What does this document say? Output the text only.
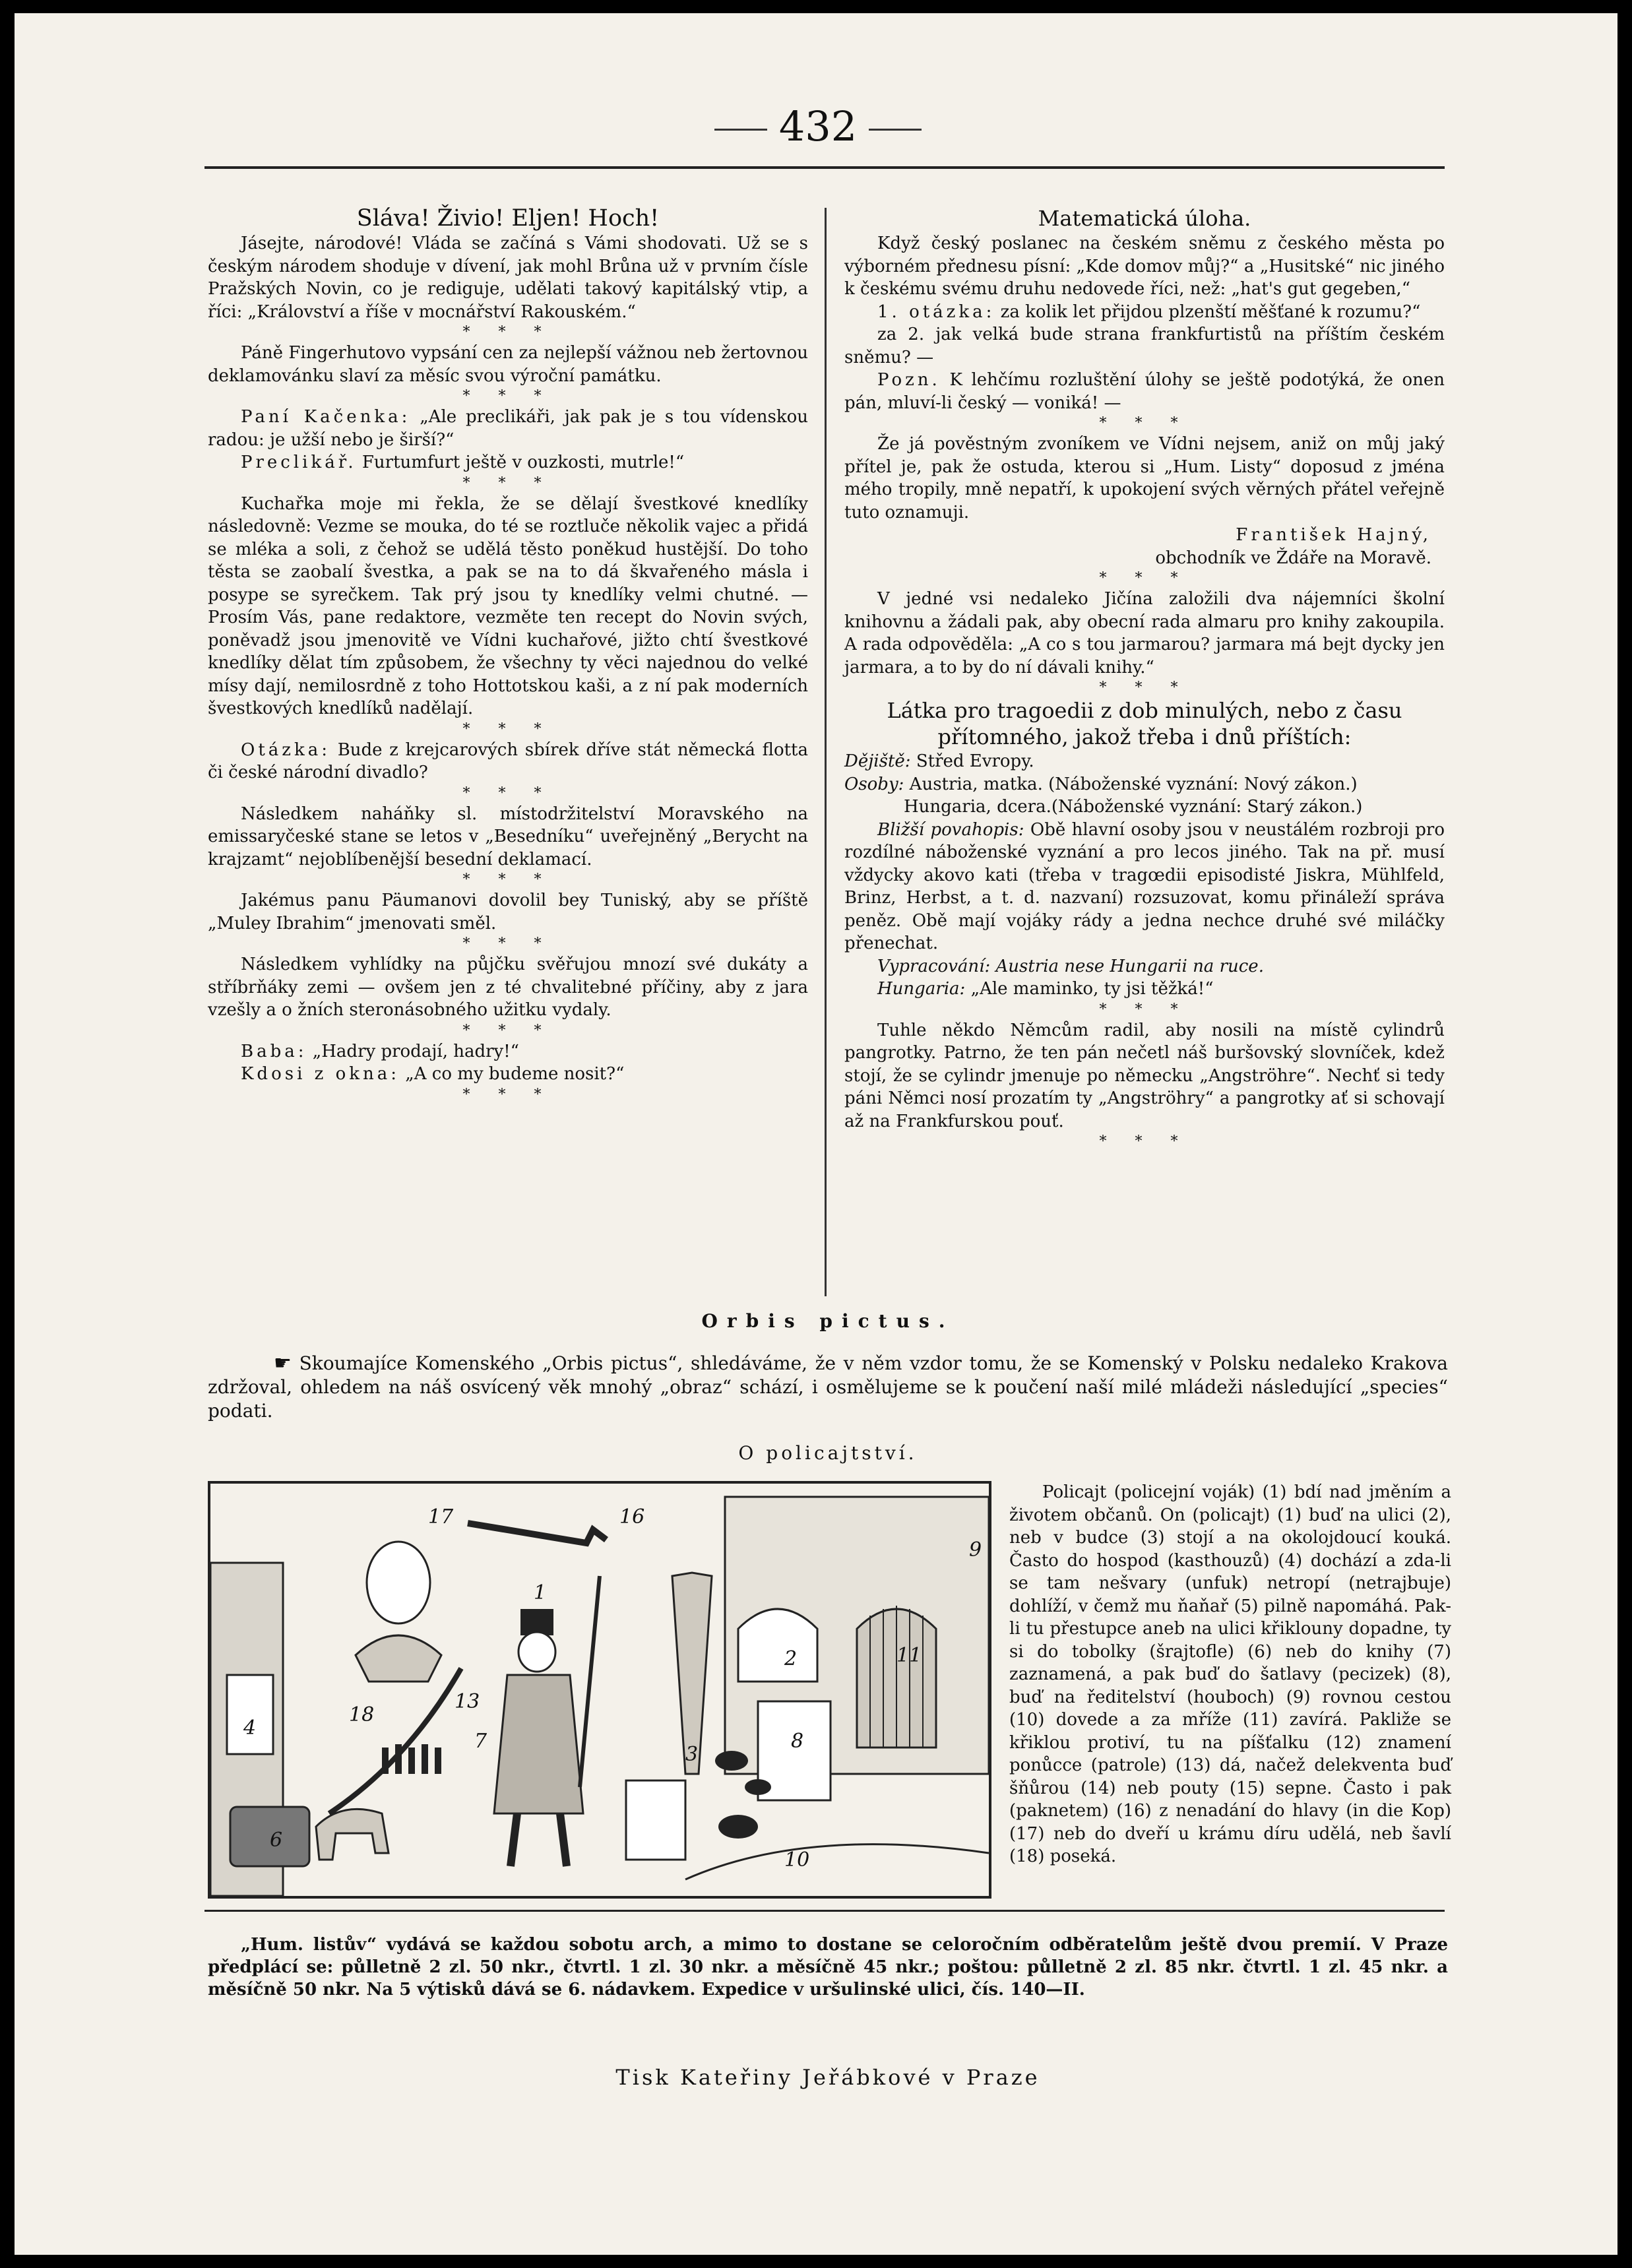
432
Sláva! Živio! Eljen! Hoch!

Jásejte, národové! Vláda se začíná s Vámi shodovati. Už se s českým národem shoduje v dívení, jak mohl Brůna už v prvním čísle Pražských Novin, co je rediguje, udělati takový kapitálský vtip, a říci: „Království a říše v mocnářství Rakouském.“

* * *

Páně Fingerhutovo vypsání cen za nejlepší vážnou neb žertovnou deklamovánku slaví za měsíc svou výroční památku.

* * *

Paní Kačenka: „Ale preclikáři, jak pak je s tou vídenskou radou: je užší nebo je širší?“

Preclikář. Furtumfurt ještě v ouzkosti, mutrle!“

* * *

Kuchařka moje mi řekla, že se dělají švestkové knedlíky následovně: Vezme se mouka, do té se roztluče několik vajec a přidá se mléka a soli, z čehož se udělá těsto poněkud hustější. Do toho těsta se zaobalí švestka, a pak se na to dá škvařeného másla i posype se syrečkem. Tak prý jsou ty knedlíky velmi chutné. — Prosím Vás, pane redaktore, vezměte ten recept do Novin svých, poněvadž jsou jmenovitě ve Vídni kuchařové, jižto chtí švestkové knedlíky dělat tím způsobem, že všechny ty věci najednou do velké mísy dají, nemilosrdně z toho Hottotskou kaši, a z ní pak moderních švestkových knedlíků nadělají.

* * *

Otázka: Bude z krejcarových sbírek dříve stát německá flotta či české národní divadlo?

* * *

Následkem naháňky sl. místodržitelství Moravského na emissaryčeské stane se letos v „Besedníku“ uveřejněný „Berycht na krajzamt“ nejoblíbenější besední deklamací.

* * *

Jakémus panu Päumanovi dovolil bey Tuniský, aby se příště „Muley Ibrahim“ jmenovati směl.

* * *

Následkem vyhlídky na půjčku svěřujou mnozí své dukáty a stříbrňáky zemi — ovšem jen z té chvalitebné příčiny, aby z jara vzešly a o žních steronásobného užitku vydaly.

* * *

Baba: „Hadry prodají, hadry!“

Kdosi z okna: „A co my budeme nosit?“

* * *
Matematická úloha.

Když český poslanec na českém sněmu z českého města po výborném přednesu písní: „Kde domov můj?“ a „Husitské“ nic jiného k českému svému druhu nedovede říci, než: „hat's gut gegeben,“

1. otázka: za kolik let přijdou plzenští měšťané k rozumu?“

za 2. jak velká bude strana frankfurtistů na příštím českém sněmu? —

Pozn. K lehčímu rozluštění úlohy se ještě podotýká, že onen pán, mluví-li český — voniká! —

* * *

Že já pověstným zvoníkem ve Vídni nejsem, aniž on můj jaký přítel je, pak že ostuda, kterou si „Hum. Listy“ doposud z jména mého tropily, mně nepatří, k upokojení svých věrných přátel veřejně tuto oznamuji.

František Hajný,

obchodník ve Ždáře na Moravě.

* * *

V jedné vsi nedaleko Jičína založili dva nájemníci školní knihovnu a žádali pak, aby obecní rada almaru pro knihy zakoupila. A rada odpověděla: „A co s tou jarmarou? jarmara má bejt dycky jen jarmara, a to by do ní dávali knihy.“

* * *
Látka pro tragoedii z dob minulých, nebo z času přítomného, jakož třeba i dnů příštích:

Dějiště: Střed Evropy.

Osoby: Austria, matka. (Náboženské vyznání: Nový zákon.)

Hungaria, dcera.(Náboženské vyznání: Starý zákon.)

Bližší povahopis: Obě hlavní osoby jsou v neustálém rozbroji pro rozdílné náboženské vyznání a pro lecos jiného. Tak na př. musí vždycky akovo kati (třeba v tragœdii episodisté Jiskra, Mühlfeld, Brinz, Herbst, a t. d. nazvaní) rozsuzovat, komu přináleží správa peněz. Obě mají vojáky rády a jedna nechce druhé své miláčky přenechat.

Vypracování: Austria nese Hungarii na ruce.

Hungaria: „Ale maminko, ty jsi těžká!“

* * *

Tuhle někdo Němcům radil, aby nosili na místě cylindrů pangrotky. Patrno, že ten pán nečetl náš buršovský slovníček, kdež stojí, že se cylindr jmenuje po německu „Angströhre“. Nechť si tedy páni Němci nosí prozatím ty „Angströhry“ a pangrotky ať si schovají až na Frankfurskou pouť.

* * *
Orbis pictus.

☛ Skoumajíce Komenského „Orbis pictus“, shledáváme, že v něm vzdor tomu, že se Komenský v Polsku nedaleko Krakova zdržoval, ohledem na náš osvícený věk mnohý „obraz“ schází, i osmělujeme se k poučení naší milé mládeži následující „species“ podati.

O policajtství.
1
2
3
4
6
7	8
9
10
11
13
16
17
18

Policajt (policejní voják) (1) bdí nad jměním a životem občanů. On (policajt) (1) buď na ulici (2), neb v budce (3) stojí a na okolojdoucí kouká. Často do hospod (kasthouzů) (4) dochází a zda-li se tam nešvary (unfuk) netropí (netrajbuje) dohlíží, v čemž mu ňaňař (5) pilně napomáhá. Pak-li tu přestupce aneb na ulici křiklouny dopadne, ty si do tobolky (šrajtofle) (6) neb do knihy (7) zaznamená, a pak buď do šatlavy (pecizek) (8), buď na ředitelství (houboch) (9) rovnou cestou (10) dovede a za mříže (11) zavírá. Pakliže se křiklou protiví, tu na píšťalku (12) znamení ponůcce (patrole) (13) dá, načež delekventa buď šňůrou (14) neb pouty (15) sepne. Často i pak (paknetem) (16) z nenadání do hlavy (in die Kop) (17) neb do dveří u krámu díru udělá, neb šavlí (18) poseká.

„Hum. listův“ vydává se každou sobotu arch, a mimo to dostane se celoročním odběratelům ještě dvou premií. V Praze předplácí se: půlletně 2 zl. 50 nkr., čtvrtl. 1 zl. 30 nkr. a měsíčně 45 nkr.; poštou: půlletně 2 zl. 85 nkr. čtvrtl. 1 zl. 45 nkr. a měsíčně 50 nkr. Na 5 výtisků dává se 6. nádavkem. Expedice v uršulinské ulici, čís. 140—II.

Tisk Kateřiny Jeřábkové v Praze
